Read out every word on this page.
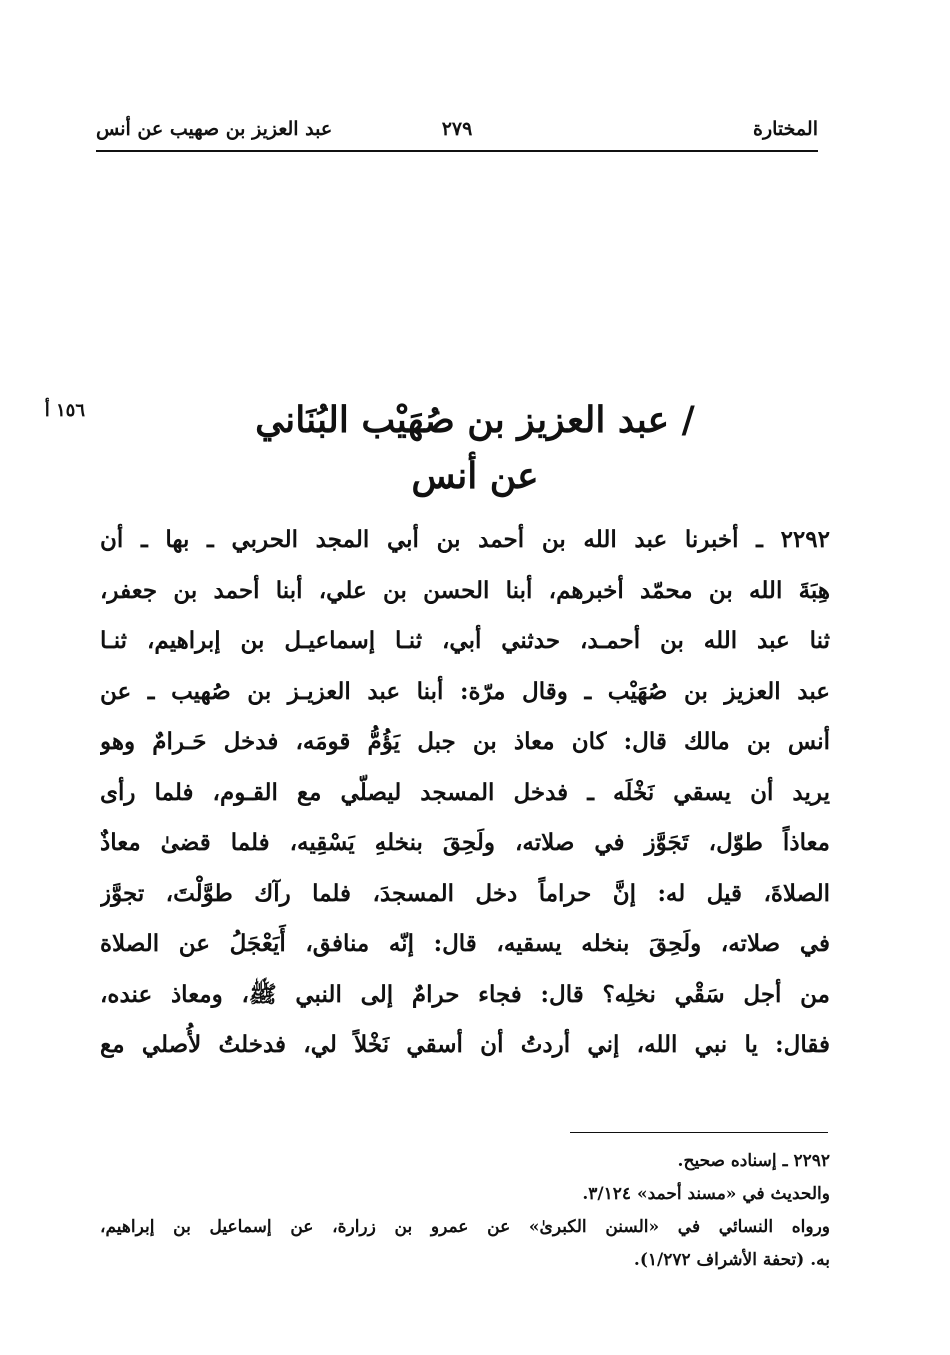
المختارة
٢٧٩
عبد العزيز بن صهيب عن أنس
١٥٦ أ	/ عبد العزيز بن صُهَيْب البُنَاني
عن أنس
٢٢٩٢ ـ أخبرنا عبد الله بن أحمد بن أبي المجد الحربي ـ بها ـ أن
هِبَةَ الله بن محمّد أخبرهم، أبنا الحسن بن علي، أبنا أحمد بن جعفر،
ثنا عبد الله بن أحمـد، حدثني أبي، ثنـا إسماعيـل بن إبراهيم، ثنـا
عبد العزيز بن صُهَيْب ـ وقال مرّة: أبنا عبد العزيـز بن صُهيب ـ عن
أنس بن مالك قال: كان معاذ بن جبل يَؤُمُّ قومَه، فدخل حَـرامٌ وهو
يريد أن يسقي نَخْلَه ـ فدخل المسجد ليصلّي مع القـوم، فلما رأى
معاذاً طوّل، تَجَوَّز في صلاته، ولَحِقَ بنخلهِ يَسْقِيه، فلما قضىٰ معاذٌ
الصلاةَ، قيل له: إنَّ حراماً دخل المسجدَ، فلما رآك طوَّلْتَ، تجوَّز
في صلاته، ولَحِقَ بنخله يسقيه، قال: إنّه منافق، أَيَعْجَلُ عن الصلاة
من أجل سَقْي نخلِه؟ قال: فجاء حرامٌ إلى النبي ﷺ، ومعاذ عنده،
فقال: يا نبي الله، إني أردتُ أن أسقي نَخْلاً لي، فدخلتُ لأُصلي مع
٢٢٩٢ ـ إسناده صحيح.
والحديث في «مسند أحمد» ٣/١٢٤.
ورواه النسائي في «السنن الكبرىٰ» عن عمرو بن زرارة، عن إسماعيل بن إبراهيم،
به. (تحفة الأشراف ١/٢٧٢).
